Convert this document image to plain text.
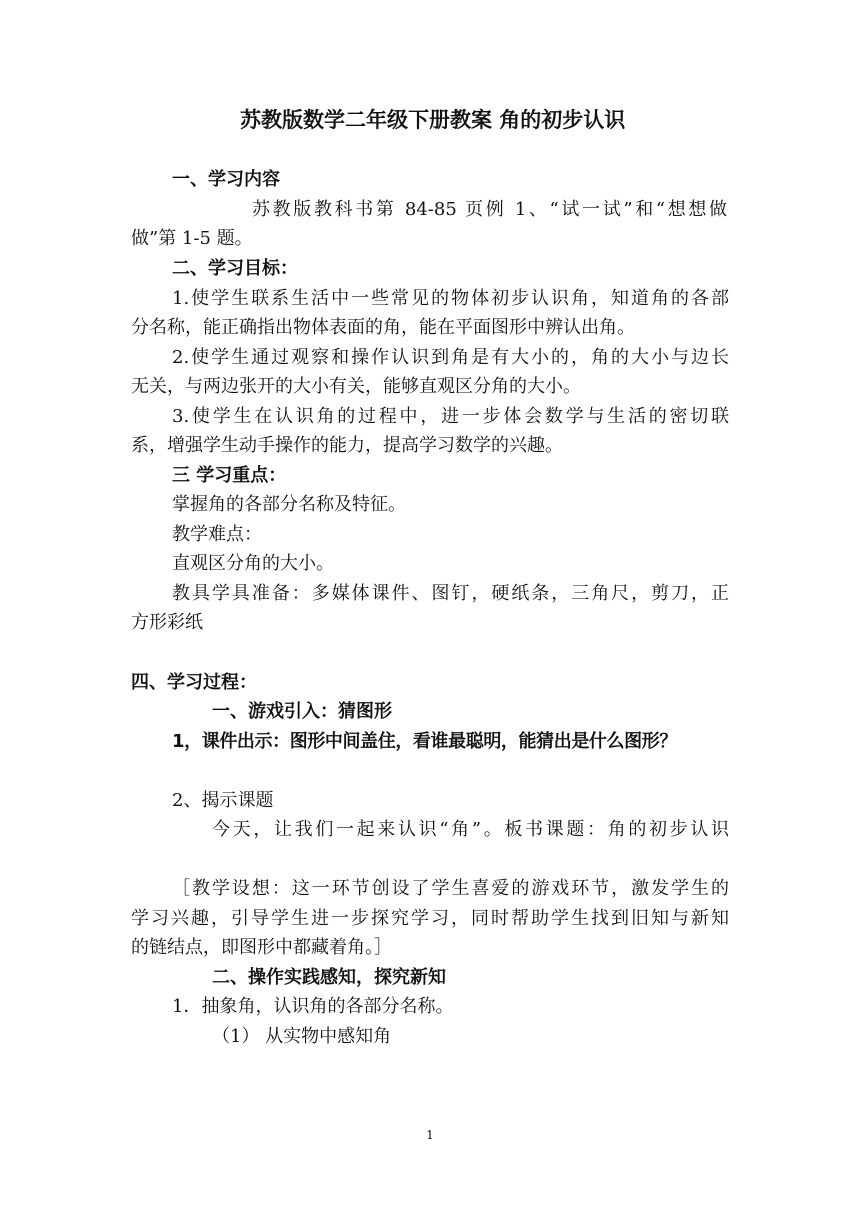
苏教版数学二年级下册教案 角的初步认识
一、学习内容
苏教版教科书第 84-85 页例 1、“试一试”和“想想做
做”第 1-5 题。
二、学习目标：
1.使学生联系生活中一些常见的物体初步认识角，知道角的各部
分名称，能正确指出物体表面的角，能在平面图形中辨认出角。
2.使学生通过观察和操作认识到角是有大小的，角的大小与边长
无关，与两边张开的大小有关，能够直观区分角的大小。
3.使学生在认识角的过程中，进一步体会数学与生活的密切联
系，增强学生动手操作的能力，提高学习数学的兴趣。
三 学习重点：
掌握角的各部分名称及特征。
教学难点：
直观区分角的大小。
教具学具准备：多媒体课件、图钉，硬纸条，三角尺，剪刀，正
方形彩纸
四、学习过程：
一、游戏引入：猜图形
1，课件出示：图形中间盖住，看谁最聪明，能猜出是什么图形？
2、揭示课题
今天，让我们一起来认识“角”。板书课题：角的初步认识
［教学设想：这一环节创设了学生喜爱的游戏环节，激发学生的
学习兴趣，引导学生进一步探究学习，同时帮助学生找到旧知与新知
的链结点，即图形中都藏着角。］
二、操作实践感知，探究新知
1．抽象角，认识角的各部分名称。
（1） 从实物中感知角
1
